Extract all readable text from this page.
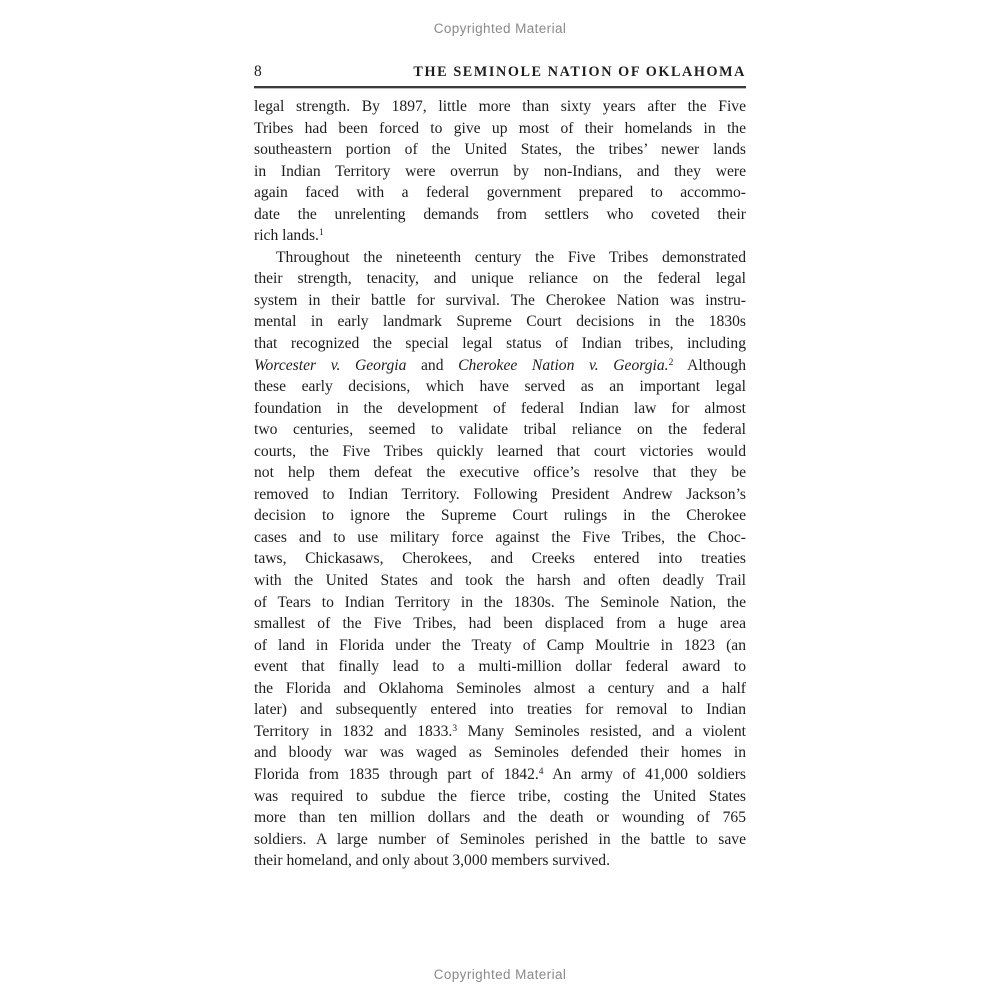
Copyrighted Material
8	THE SEMINOLE NATION OF OKLAHOMA
legal strength. By 1897, little more than sixty years after the Five
Tribes had been forced to give up most of their homelands in the
southeastern portion of the United States, the tribes’ newer lands
in Indian Territory were overrun by non-Indians, and they were
again faced with a federal government prepared to accommo-
date the unrelenting demands from settlers who coveted their
rich lands.$^1$
Throughout the nineteenth century the Five Tribes demonstrated
their strength, tenacity, and unique reliance on the federal legal
system in their battle for survival. The Cherokee Nation was instru-
mental in early landmark Supreme Court decisions in the 1830s
that recognized the special legal status of Indian tribes, including
Worcester v. Georgia and Cherokee Nation v. Georgia.$^2$ Although
these early decisions, which have served as an important legal
foundation in the development of federal Indian law for almost
two centuries, seemed to validate tribal reliance on the federal
courts, the Five Tribes quickly learned that court victories would
not help them defeat the executive office’s resolve that they be
removed to Indian Territory. Following President Andrew Jackson’s
decision to ignore the Supreme Court rulings in the Cherokee
cases and to use military force against the Five Tribes, the Choc-
taws, Chickasaws, Cherokees, and Creeks entered into treaties
with the United States and took the harsh and often deadly Trail
of Tears to Indian Territory in the 1830s. The Seminole Nation, the
smallest of the Five Tribes, had been displaced from a huge area
of land in Florida under the Treaty of Camp Moultrie in 1823 (an
event that finally lead to a multi-million dollar federal award to
the Florida and Oklahoma Seminoles almost a century and a half
later) and subsequently entered into treaties for removal to Indian
Territory in 1832 and 1833.$^3$ Many Seminoles resisted, and a violent
and bloody war was waged as Seminoles defended their homes in
Florida from 1835 through part of 1842.$^4$ An army of 41,000 soldiers
was required to subdue the fierce tribe, costing the United States
more than ten million dollars and the death or wounding of 765
soldiers. A large number of Seminoles perished in the battle to save
their homeland, and only about 3,000 members survived.
Copyrighted Material
